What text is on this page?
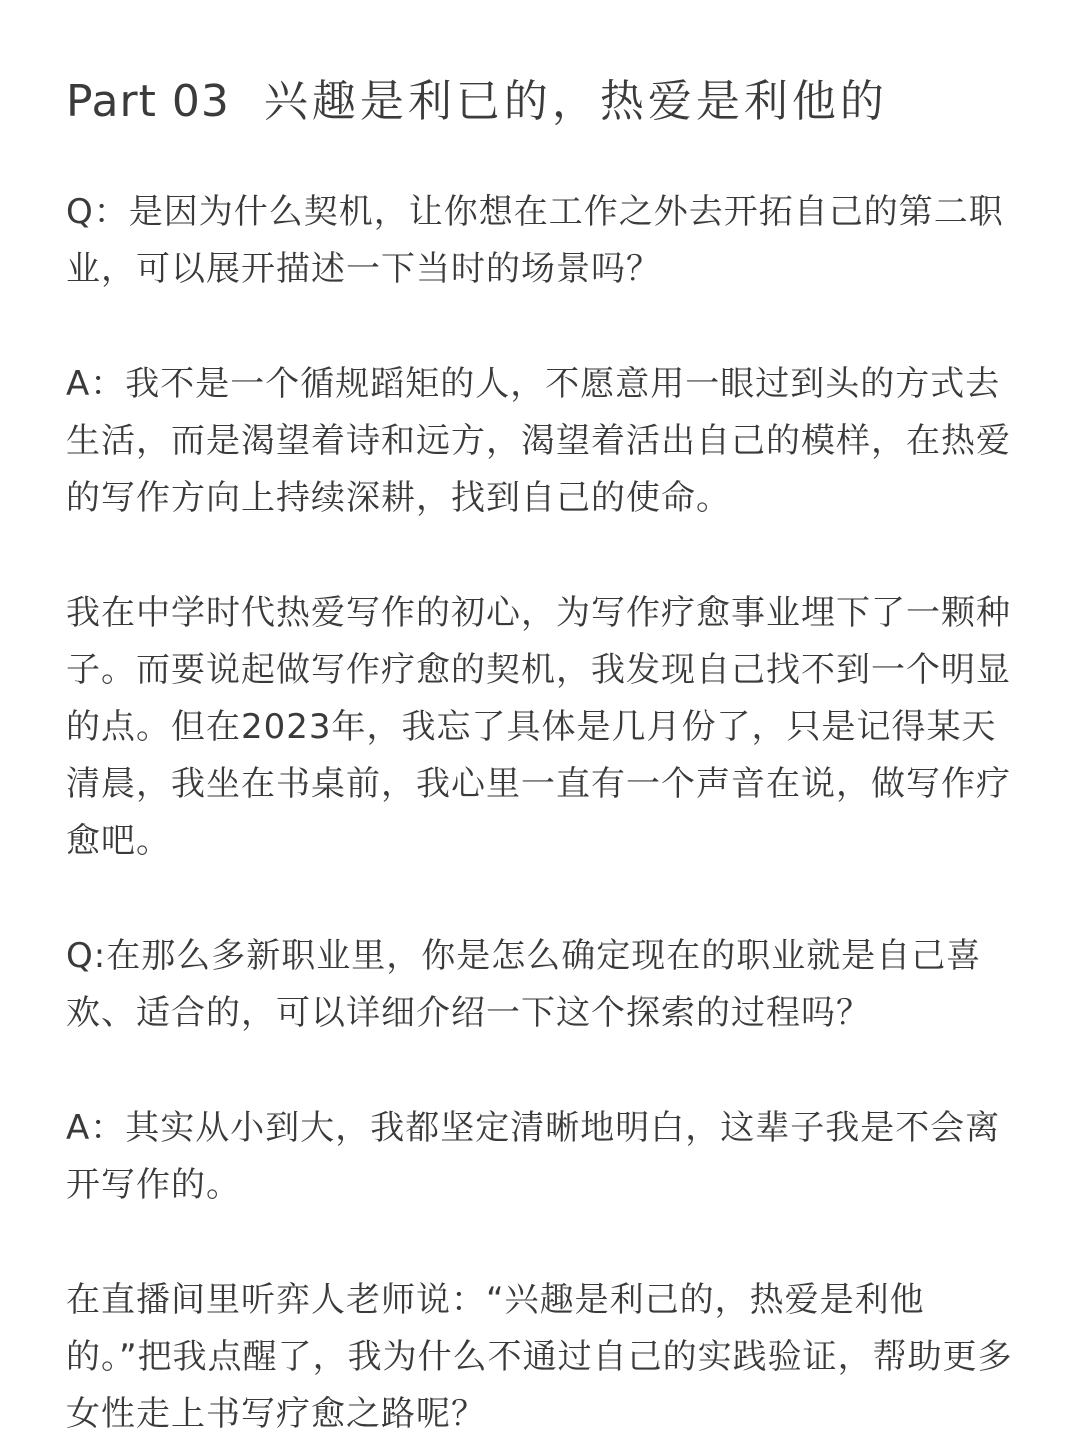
Part 03 兴趣是利已的，热爱是利他的

Q：是因为什么契机，让你想在工作之外去开拓自己的第二职业，可以展开描述一下当时的场景吗？

A：我不是一个循规蹈矩的人，不愿意用一眼过到头的方式去生活，而是渴望着诗和远方，渴望着活出自己的模样，在热爱的写作方向上持续深耕，找到自己的使命。

我在中学时代热爱写作的初心，为写作疗愈事业埋下了一颗种子。而要说起做写作疗愈的契机，我发现自己找不到一个明显的点。但在2023年，我忘了具体是几月份了，只是记得某天清晨，我坐在书桌前，我心里一直有一个声音在说，做写作疗愈吧。

Q:在那么多新职业里，你是怎么确定现在的职业就是自己喜欢、适合的，可以详细介绍一下这个探索的过程吗？

A：其实从小到大，我都坚定清晰地明白，这辈子我是不会离开写作的。

在直播间里听弈人老师说：“兴趣是利己的，热爱是利他的。”把我点醒了，我为什么不通过自己的实践验证，帮助更多女性走上书写疗愈之路呢？
